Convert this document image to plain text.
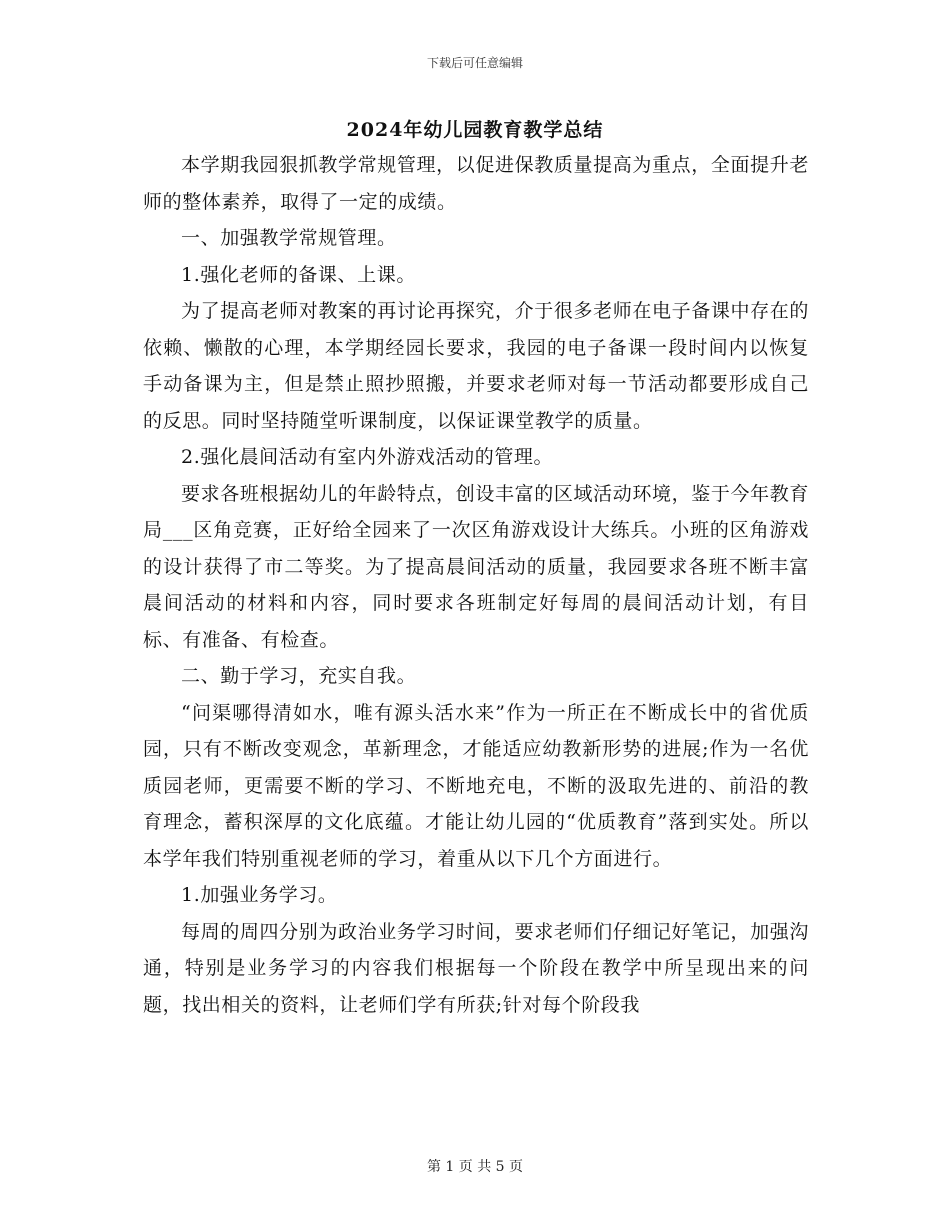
下载后可任意编辑
2024年幼儿园教育教学总结

本学期我园狠抓教学常规管理，以促进保教质量提高为重点，全面提升老师的整体素养，取得了一定的成绩。

一、加强教学常规管理。

1.强化老师的备课、上课。

为了提高老师对教案的再讨论再探究，介于很多老师在电子备课中存在的依赖、懒散的心理，本学期经园长要求，我园的电子备课一段时间内以恢复手动备课为主，但是禁止照抄照搬，并要求老师对每一节活动都要形成自己的反思。同时坚持随堂听课制度，以保证课堂教学的质量。

2.强化晨间活动有室内外游戏活动的管理。

要求各班根据幼儿的年龄特点，创设丰富的区域活动环境，鉴于今年教育局___区角竞赛，正好给全园来了一次区角游戏设计大练兵。小班的区角游戏的设计获得了市二等奖。为了提高晨间活动的质量，我园要求各班不断丰富晨间活动的材料和内容，同时要求各班制定好每周的晨间活动计划，有目标、有准备、有检查。

二、勤于学习，充实自我。

“问渠哪得清如水，唯有源头活水来”作为一所正在不断成长中的省优质园，只有不断改变观念，革新理念，才能适应幼教新形势的进展;作为一名优质园老师，更需要不断的学习、不断地充电，不断的汲取先进的、前沿的教育理念，蓄积深厚的文化底蕴。才能让幼儿园的“优质教育”落到实处。所以本学年我们特别重视老师的学习，着重从以下几个方面进行。

1.加强业务学习。

每周的周四分别为政治业务学习时间，要求老师们仔细记好笔记，加强沟通，特别是业务学习的内容我们根据每一个阶段在教学中所呈现出来的问题，找出相关的资料，让老师们学有所获;针对每个阶段我

第 1 页 共 5 页
